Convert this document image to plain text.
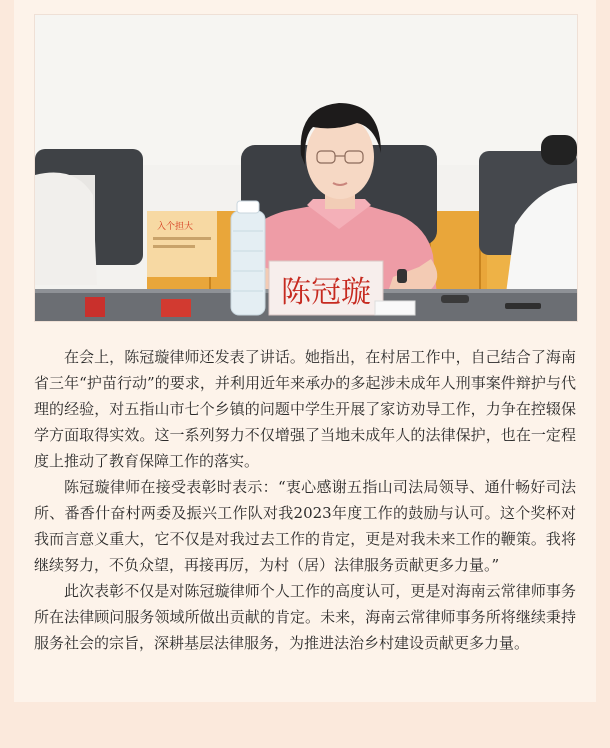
入个担大
陈冠璇

在会上，陈冠璇律师还发表了讲话。她指出，在村居工作中，自己结合了海南省三年“护苗行动”的要求，并利用近年来承办的多起涉未成年人刑事案件辩护与代理的经验，对五指山市七个乡镇的问题中学生开展了家访劝导工作，力争在控辍保学方面取得实效。这一系列努力不仅增强了当地未成年人的法律保护，也在一定程度上推动了教育保障工作的落实。

陈冠璇律师在接受表彰时表示：“衷心感谢五指山司法局领导、通什畅好司法所、番香什奋村两委及振兴工作队对我2023年度工作的鼓励与认可。这个奖杯对我而言意义重大，它不仅是对我过去工作的肯定，更是对我未来工作的鞭策。我将继续努力，不负众望，再接再厉，为村（居）法律服务贡献更多力量。”

此次表彰不仅是对陈冠璇律师个人工作的高度认可，更是对海南云常律师事务所在法律顾问服务领域所做出贡献的肯定。未来，海南云常律师事务所将继续秉持服务社会的宗旨，深耕基层法律服务，为推进法治乡村建设贡献更多力量。
